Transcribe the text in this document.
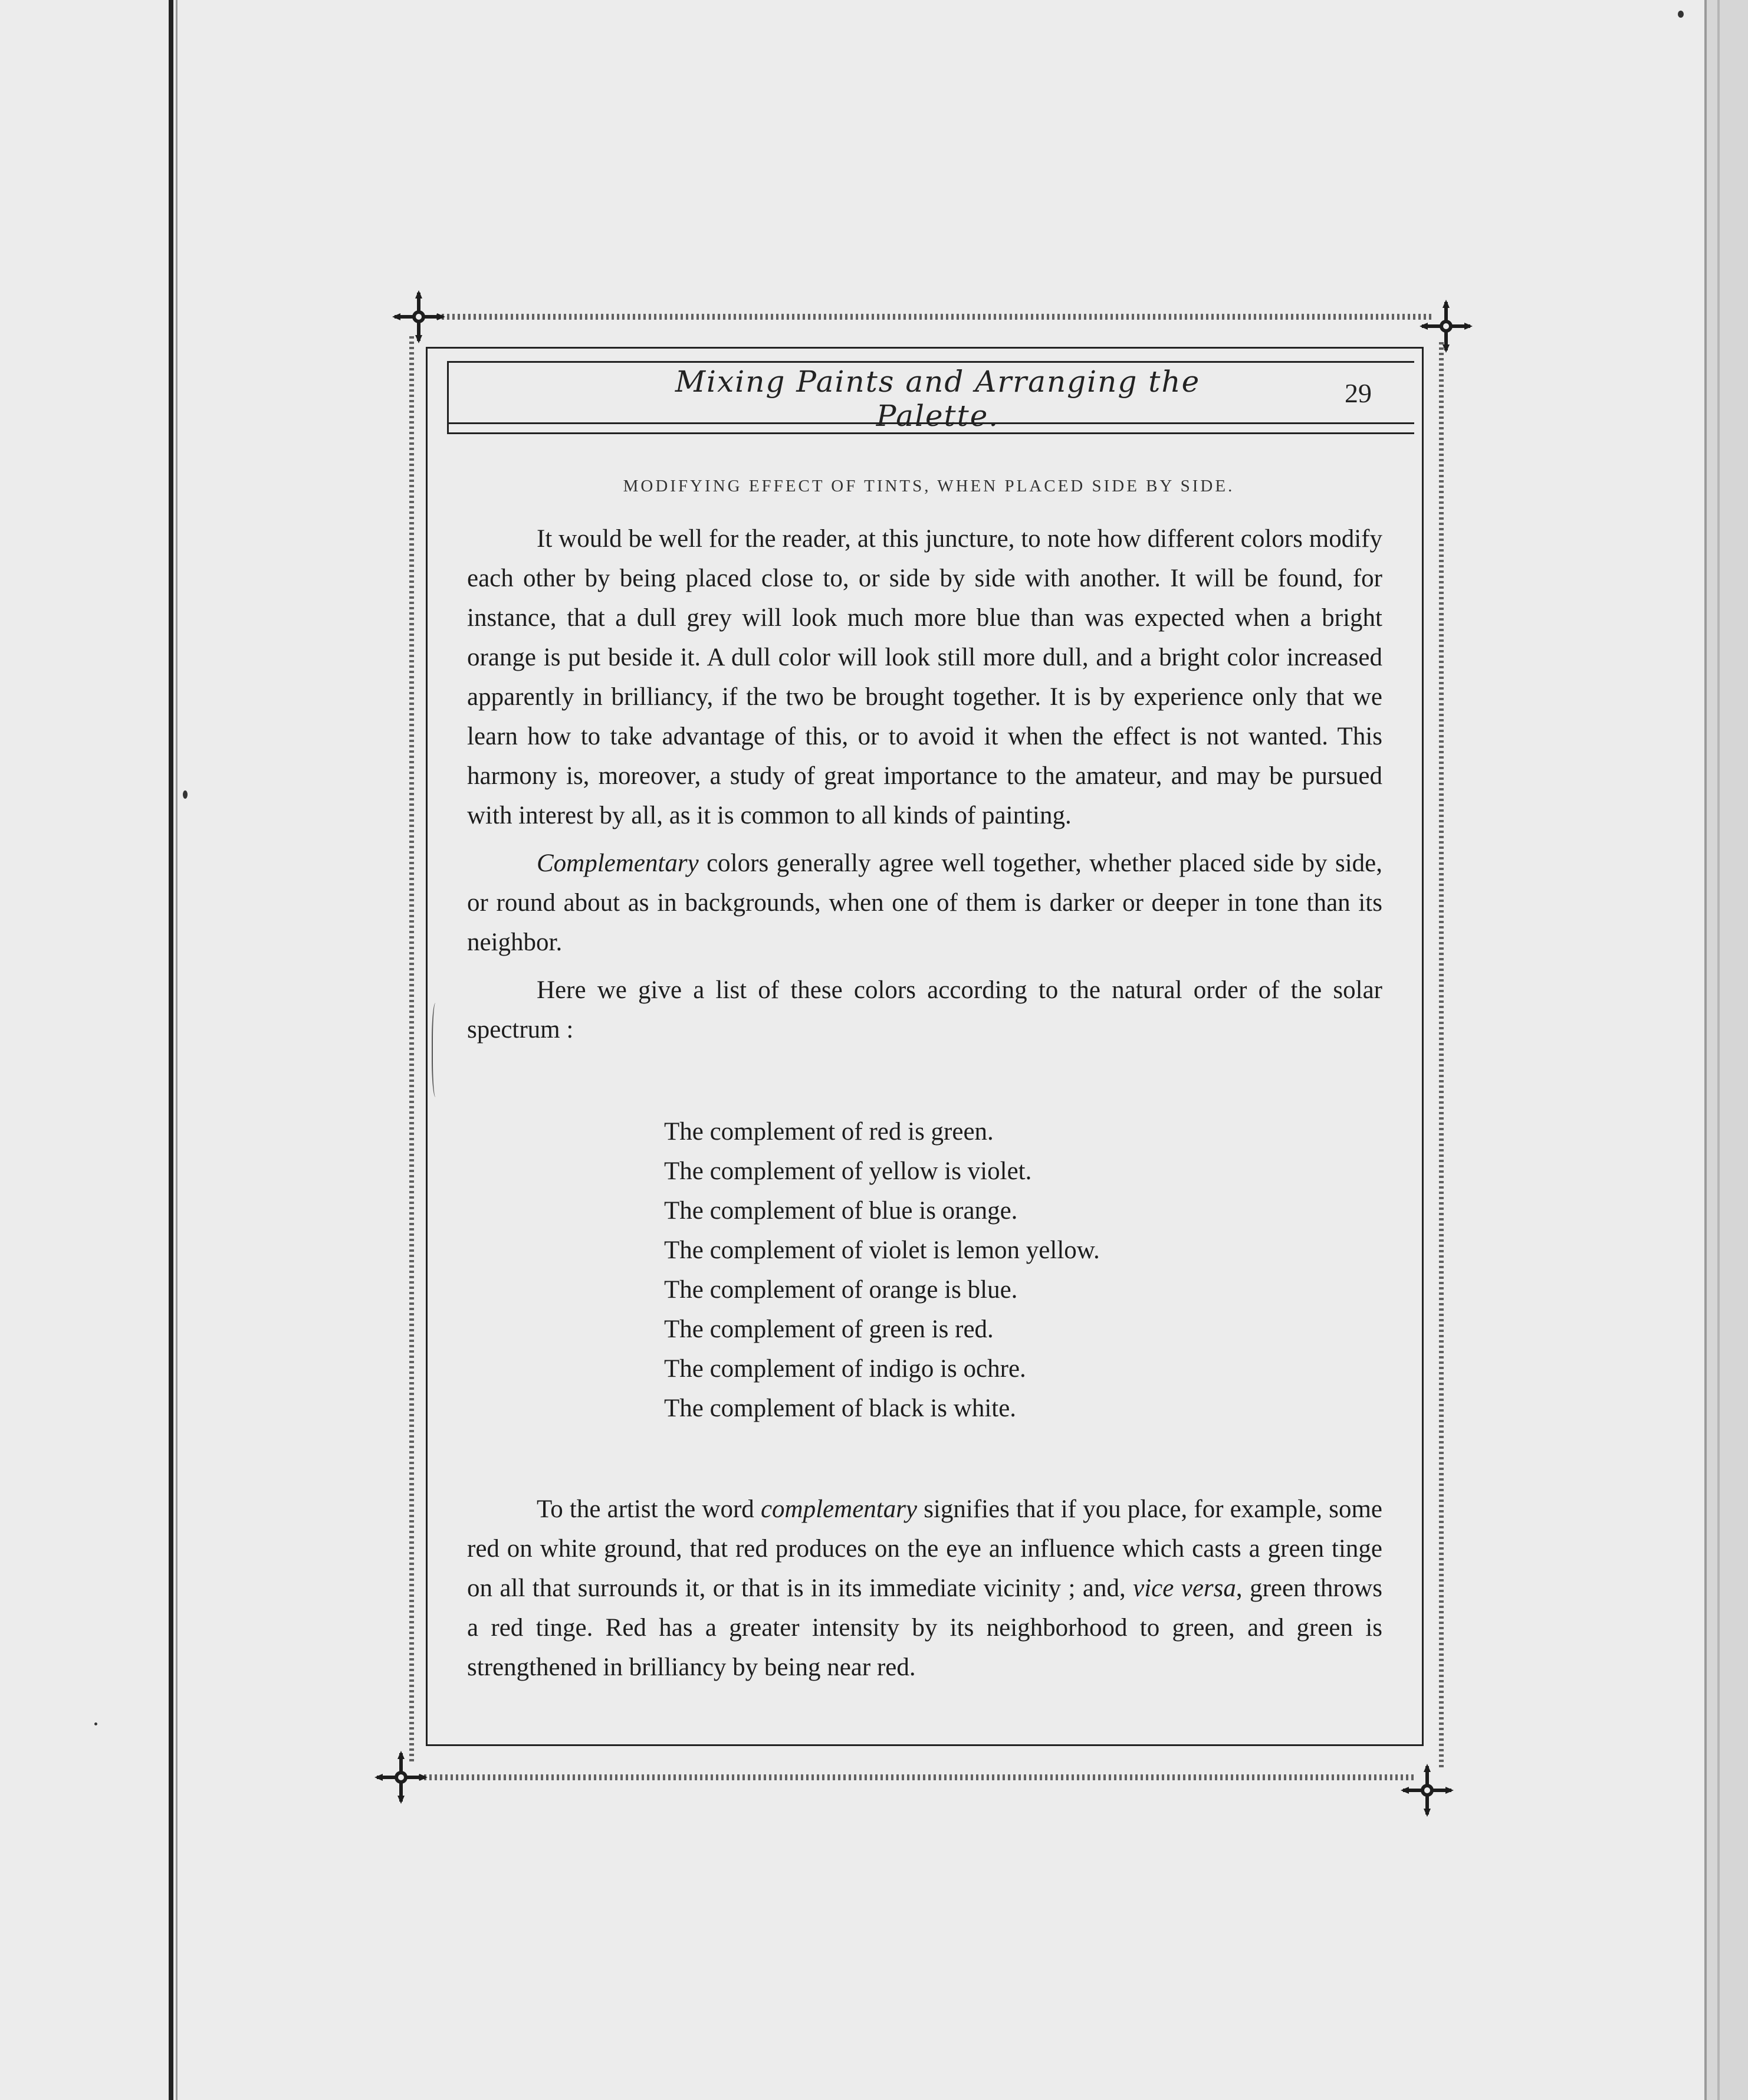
Mixing Paints and Arranging the Palette.
29
MODIFYING EFFECT OF TINTS, WHEN PLACED SIDE BY SIDE.

It would be well for the reader, at this juncture, to note how different colors modify each other by being placed close to, or side by side with another. It will be found, for instance, that a dull grey will look much more blue than was expected when a bright orange is put beside it. A dull color will look still more dull, and a bright color increased apparently in brilliancy, if the two be brought together. It is by experience only that we learn how to take advantage of this, or to avoid it when the effect is not wanted. This harmony is, moreover, a study of great importance to the amateur, and may be pursued with interest by all, as it is common to all kinds of painting.

Complementary colors generally agree well together, whether placed side by side, or round about as in backgrounds, when one of them is darker or deeper in tone than its neighbor.

Here we give a list of these colors according to the natural order of the solar spectrum :

The complement of red is green.
The complement of yellow is violet.
The complement of blue is orange.
The complement of violet is lemon yellow.
The complement of orange is blue.
The complement of green is red.
The complement of indigo is ochre.
The complement of black is white.

To the artist the word complementary signifies that if you place, for example, some red on white ground, that red produces on the eye an influence which casts a green tinge on all that surrounds it, or that is in its immediate vicinity ; and, vice versa, green throws a red tinge. Red has a greater intensity by its neighborhood to green, and green is strengthened in brilliancy by being near red.
